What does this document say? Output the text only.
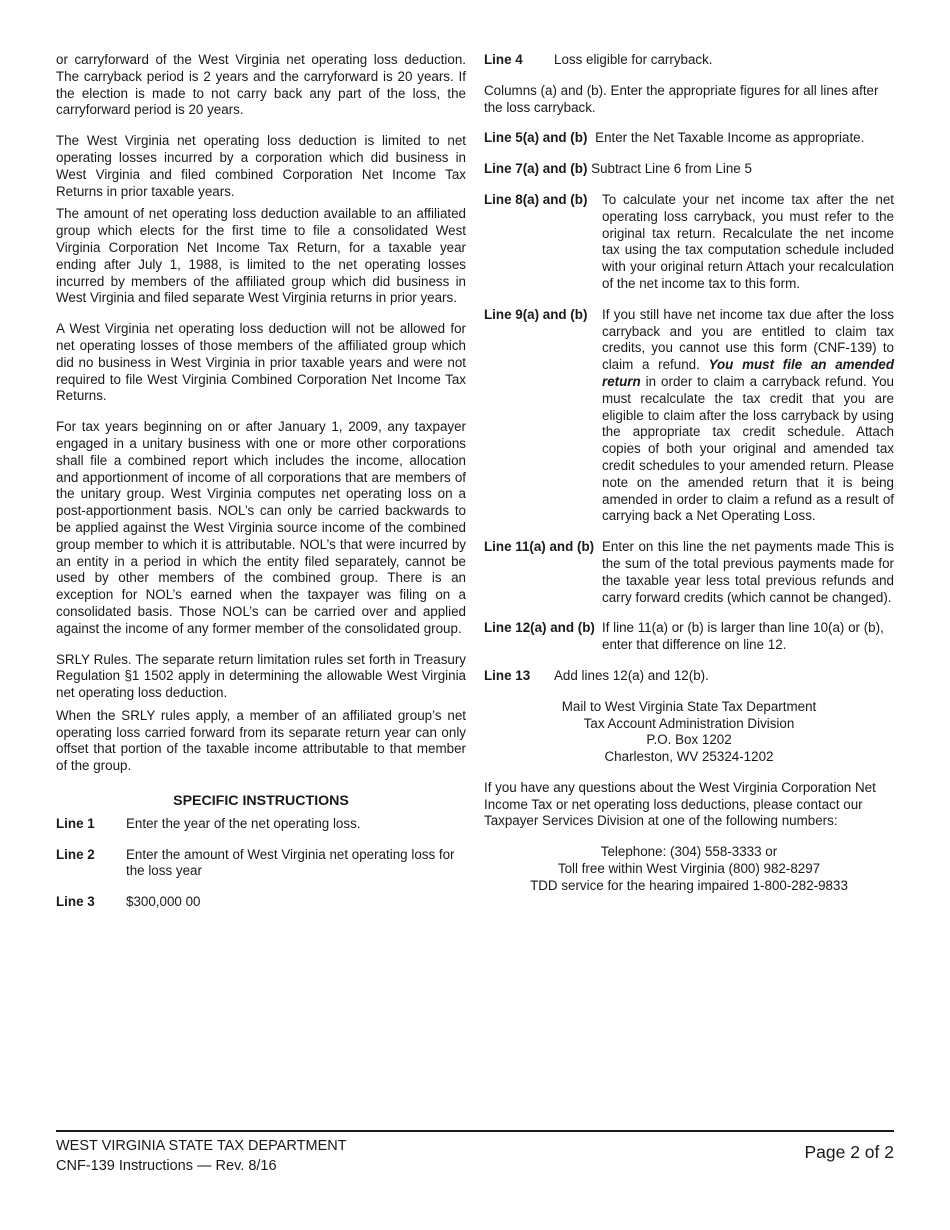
or carryforward of the West Virginia net operating loss deduction. The carryback period is 2 years and the carryforward is 20 years. If the election is made to not carry back any part of the loss, the carryforward period is 20 years.

The West Virginia net operating loss deduction is limited to net operating losses incurred by a corporation which did business in West Virginia and filed combined Corporation Net Income Tax Returns in prior taxable years.

The amount of net operating loss deduction available to an affiliated group which elects for the first time to file a consolidated West Virginia Corporation Net Income Tax Return, for a taxable year ending after July 1, 1988, is limited to the net operating losses incurred by members of the affiliated group which did business in West Virginia and filed separate West Virginia returns in prior years.

A West Virginia net operating loss deduction will not be allowed for net operating losses of those members of the affiliated group which did no business in West Virginia in prior taxable years and were not required to file West Virginia Combined Corporation Net Income Tax Returns.

For tax years beginning on or after January 1, 2009, any taxpayer engaged in a unitary business with one or more other corporations shall file a combined report which includes the income, allocation and apportionment of income of all corporations that are members of the unitary group. West Virginia computes net operating loss on a post-apportionment basis. NOL’s can only be carried backwards to be applied against the West Virginia source income of the combined group member to which it is attributable. NOL’s that were incurred by an entity in a period in which the entity filed separately, cannot be used by other members of the combined group. There is an exception for NOL’s earned when the taxpayer was filing on a consolidated basis. Those NOL’s can be carried over and applied against the income of any former member of the consolidated group.

SRLY Rules. The separate return limitation rules set forth in Treasury Regulation §1 1502 apply in determining the allowable West Virginia net operating loss deduction.

When the SRLY rules apply, a member of an affiliated group’s net operating loss carried forward from its separate return year can only offset that portion of the taxable income attributable to that member of the group.

SPECIFIC INSTRUCTIONS
Line 1	Enter the year of the net operating loss.
Line 2	Enter the amount of West Virginia net operating loss for the loss year
Line 3	$300,000 00
Line 4	Loss eligible for carryback.

Columns (a) and (b). Enter the appropriate figures for all lines after the loss carryback.

Line 5(a) and (b) Enter the Net Taxable Income as appropriate.

Line 7(a) and (b) Subtract Line 6 from Line 5

Line 8(a) and (b)	To calculate your net income tax after the net operating loss carryback, you must refer to the original tax return. Recalculate the net income tax using the tax computation schedule included with your original return Attach your recalculation of the net income tax to this form.
Line 9(a) and (b)	If you still have net income tax due after the loss carryback and you are entitled to claim tax credits, you cannot use this form (CNF-139) to claim a refund. You must file an amended return in order to claim a carryback refund. You must recalculate the tax credit that you are eligible to claim after the loss carryback by using the appropriate tax credit schedule. Attach copies of both your original and amended tax credit schedules to your amended return. Please note on the amended return that it is being amended in order to claim a refund as a result of carrying back a Net Operating Loss.
Line 11(a) and (b) Enter on this line the net payments made This is the sum of the total previous payments made for the taxable year less total previous refunds and carry forward credits (which cannot be changed).
Line 12(a) and (b) If line 11(a) or (b) is larger than line 10(a) or (b), enter that difference on line 12.
Line 13	Add lines 12(a) and 12(b).
Mail to West Virginia State Tax Department
Tax Account Administration Division
P.O. Box 1202
Charleston, WV 25324-1202

If you have any questions about the West Virginia Corporation Net Income Tax or net operating loss deductions, please contact our Taxpayer Services Division at one of the following numbers:

Telephone: (304) 558-3333 or
Toll free within West Virginia (800) 982-8297
TDD service for the hearing impaired 1-800-282-9833
WEST VIRGINIA STATE TAX DEPARTMENT
CNF-139 Instructions — Rev. 8/16
Page 2 of 2
